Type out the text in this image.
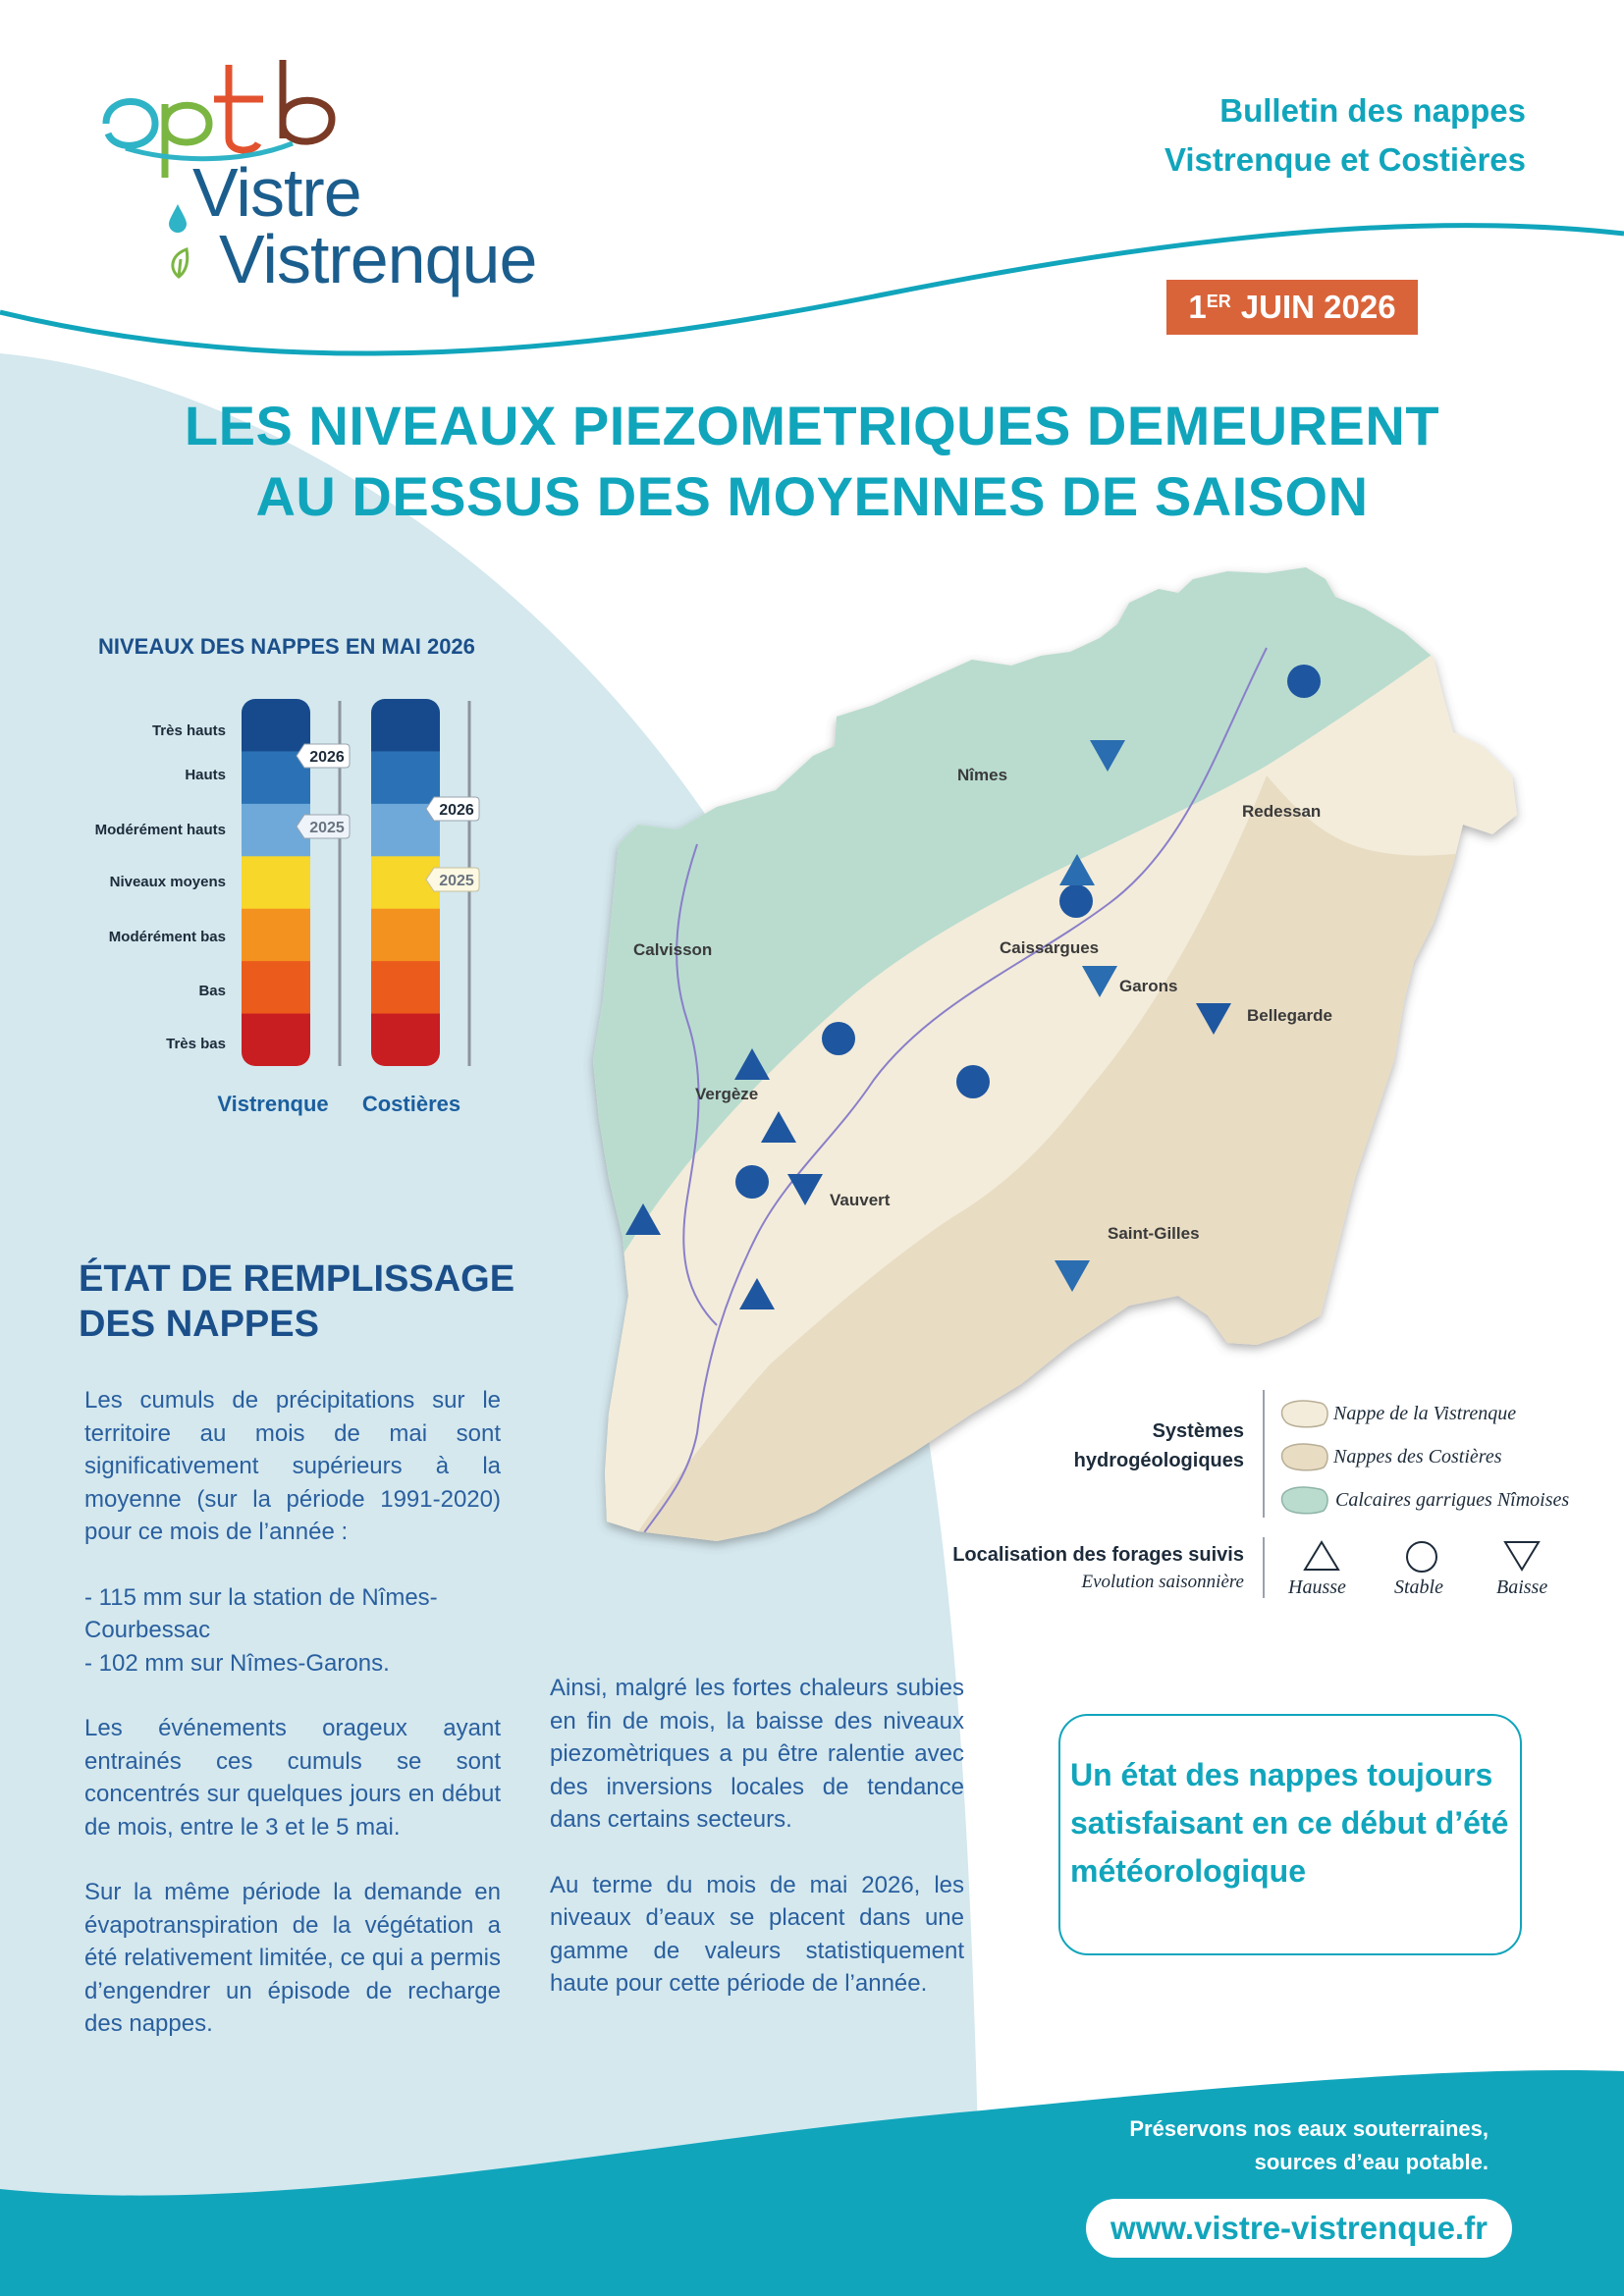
Vistre
Vistrenque
Bulletin des nappes
Vistrenque et Costières
1ER JUIN 2026
LES NIVEAUX PIEZOMETRIQUES DEMEURENT
AU DESSUS DES MOYENNES DE SAISON
NIVEAUX DES NAPPES EN MAI 2026
Très hauts
Hauts
Modérément hauts
Niveaux moyens
Modérément bas
Bas
Très bas
2026
2025
2026
2025
Vistrenque	Costières
Nîmes
Redessan
Calvisson	Caissargues
Garons
Bellegarde
Vergèze
Vauvert
Saint-Gilles
Systèmes
hydrogéologiques
Nappe de la Vistrenque
Nappes des Costières
Calcaires garrigues Nîmoises
Localisation des forages suivis
Evolution saisonnière Hausse Stable	Baisse
ÉTAT DE REMPLISSAGE
DES NAPPES

Les cumuls de précipitations sur le territoire au mois de mai sont significativement supérieurs à la moyenne (sur la période 1991-2020) pour ce mois de l’année :

- 115 mm sur la station de Nîmes-Courbessac

- 102 mm sur Nîmes-Garons.

Les événements orageux ayant entrainés ces cumuls se sont concentrés sur quelques jours en début de mois, entre le 3 et le 5 mai.

Sur la même période la demande en évapotranspiration de la végétation a été relativement limitée, ce qui a permis d’engendrer un épisode de recharge des nappes.

Ainsi, malgré les fortes chaleurs subies en fin de mois, la baisse des niveaux piezomètriques a pu être ralentie avec des inversions locales de tendance dans certains secteurs.

Au terme du mois de mai 2026, les niveaux d’eaux se placent dans une gamme de valeurs statistiquement haute pour cette période de l’année.

Un état des nappes toujours satisfaisant en ce début d’été météorologique
Préservons nos eaux souterraines,
sources d’eau potable.
www.vistre-vistrenque.fr
